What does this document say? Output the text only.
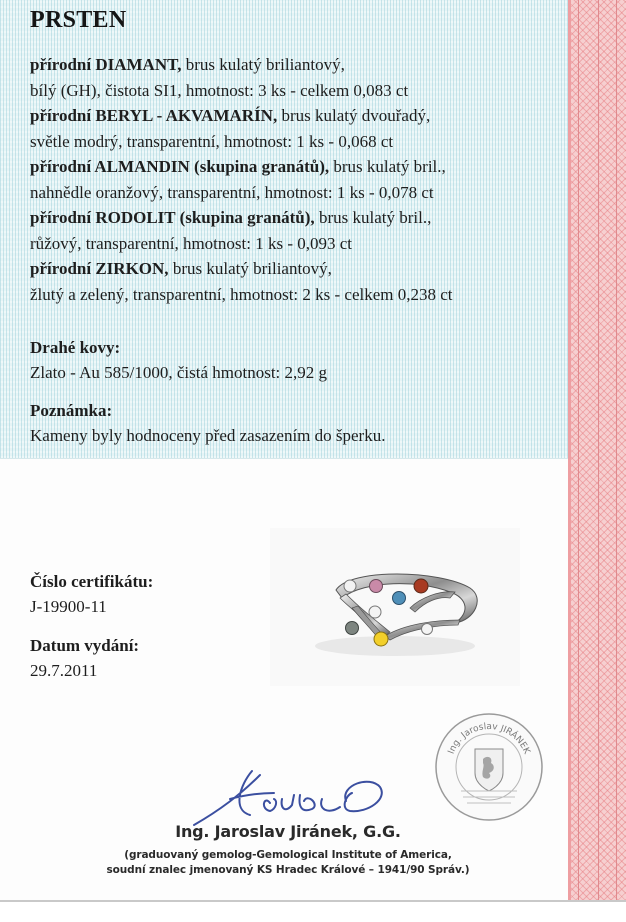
PRSTEN
přírodní DIAMANT, brus kulatý briliantový,
bílý (GH), čistota SI1, hmotnost: 3 ks - celkem 0,083 ct
přírodní BERYL - AKVAMARÍN, brus kulatý dvouřadý,
světle modrý, transparentní, hmotnost: 1 ks - 0,068 ct
přírodní ALMANDIN (skupina granátů), brus kulatý bril.,
nahnědle oranžový, transparentní, hmotnost: 1 ks - 0,078 ct
přírodní RODOLIT (skupina granátů), brus kulatý bril.,
růžový, transparentní, hmotnost: 1 ks - 0,093 ct
přírodní ZIRKON, brus kulatý briliantový,
žlutý a zelený, transparentní, hmotnost: 2 ks - celkem 0,238 ct
Drahé kovy:
Zlato - Au 585/1000, čistá hmotnost: 2,92 g
Poznámka:
Kameny byly hodnoceny před zasazením do šperku.
Číslo certifikátu:
J-19900-11
Datum vydání:
29.7.2011
Ing. Jaroslav JIRÁNEK
Ing. Jaroslav Jiránek, G.G.
(graduovaný gemolog-Gemological Institute of America,
soudní znalec jmenovaný KS Hradec Králové – 1941/90 Správ.)
